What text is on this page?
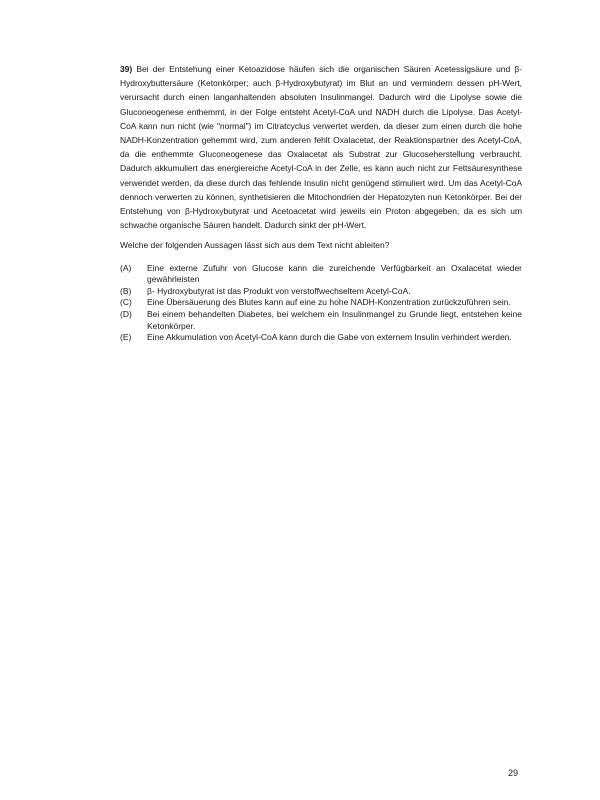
39) Bei der Entstehung einer Ketoazidose häufen sich die organischen Säuren Acetessigsäure und β-Hydroxybuttersäure (Ketonkörper; auch β-Hydroxybutyrat) im Blut an und vermindern dessen pH-Wert, verursacht durch einen langanhaltenden absoluten Insulinmangel. Dadurch wird die Lipolyse sowie die Gluconeogenese enthemmt, in der Folge entsteht Acetyl-CoA und NADH durch die Lipolyse. Das Acetyl-CoA kann nun nicht (wie "normal") im Citratcyclus verwertet werden, da dieser zum einen durch die hohe NADH-Konzentration gehemmt wird, zum anderen fehlt Oxalacetat, der Reaktionspartner des Acetyl-CoA, da die enthemmte Gluconeogenese das Oxalacetat als Substrat zur Glucoseherstellung verbraucht. Dadurch akkumuliert das energiereiche Acetyl-CoA in der Zelle, es kann auch nicht zur Fettsäuresynthese verwendet werden, da diese durch das fehlende Insulin nicht genügend stimuliert wird. Um das Acetyl-CoA dennoch verwerten zu können, synthetisieren die Mitochondrien der Hepatozyten nun Ketonkörper. Bei der Entstehung von β-Hydroxybutyrat und Acetoacetat wird jeweils ein Proton abgegeben, da es sich um schwache organische Säuren handelt. Dadurch sinkt der pH-Wert.

Welche der folgenden Aussagen lässt sich aus dem Text nicht ableiten?

(A)	Eine externe Zufuhr von Glucose kann die zureichende Verfügbarkeit an Oxalacetat wieder gewährleisten
(B)	β- Hydroxybutyrat ist das Produkt von verstoffwechseltem Acetyl-CoA.
(C)	Eine Übersäuerung des Blutes kann auf eine zu hohe NADH-Konzentration zurückzuführen sein.
(D)	Bei einem behandelten Diabetes, bei welchem ein Insulinmangel zu Grunde liegt, entstehen keine Ketonkörper.
(E)	Eine Akkumulation von Acetyl-CoA kann durch die Gabe von externem Insulin verhindert werden.
29
